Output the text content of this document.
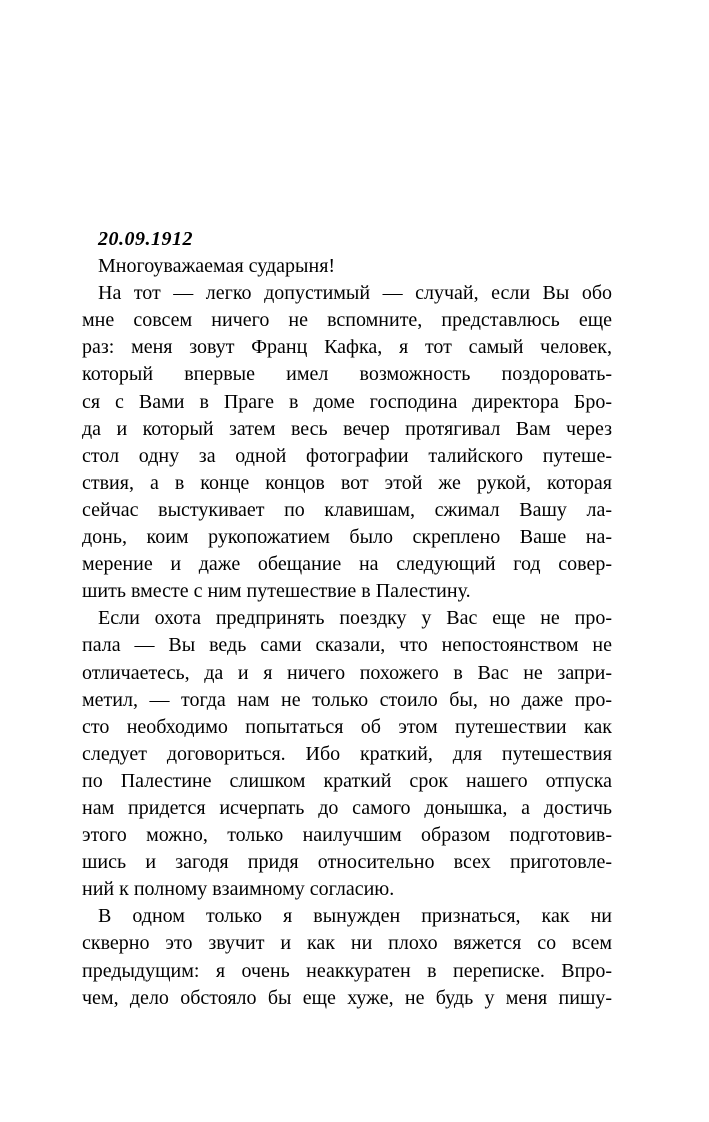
20.09.1912
Многоуважаемая сударыня!
На тот — легко допустимый — случай, если Вы обо
мне совсем ничего не вспомните, представлюсь еще
раз: меня зовут Франц Кафка, я тот самый человек,
который впервые имел возможность поздоровать-
ся с Вами в Праге в доме господина директора Бро-
да и который затем весь вечер протягивал Вам через
стол одну за одной фотографии талийского путеше-
ствия, а в конце концов вот этой же рукой, которая
сейчас выстукивает по клавишам, сжимал Вашу ла-
донь, коим рукопожатием было скреплено Ваше на-
мерение и даже обещание на следующий год совер-
шить вместе с ним путешествие в Палестину.
Если охота предпринять поездку у Вас еще не про-
пала — Вы ведь сами сказали, что непостоянством не
отличаетесь, да и я ничего похожего в Вас не запри-
метил, — тогда нам не только стоило бы, но даже про-
сто необходимо попытаться об этом путешествии как
следует договориться. Ибо краткий, для путешествия
по Палестине слишком краткий срок нашего отпуска
нам придется исчерпать до самого донышка, а достичь
этого можно, только наилучшим образом подготовив-
шись и загодя придя относительно всех приготовле-
ний к полному взаимному согласию.
В одном только я вынужден признаться, как ни
скверно это звучит и как ни плохо вяжется со всем
предыдущим: я очень неаккуратен в переписке. Впро-
чем, дело обстояло бы еще хуже, не будь у меня пишу-
